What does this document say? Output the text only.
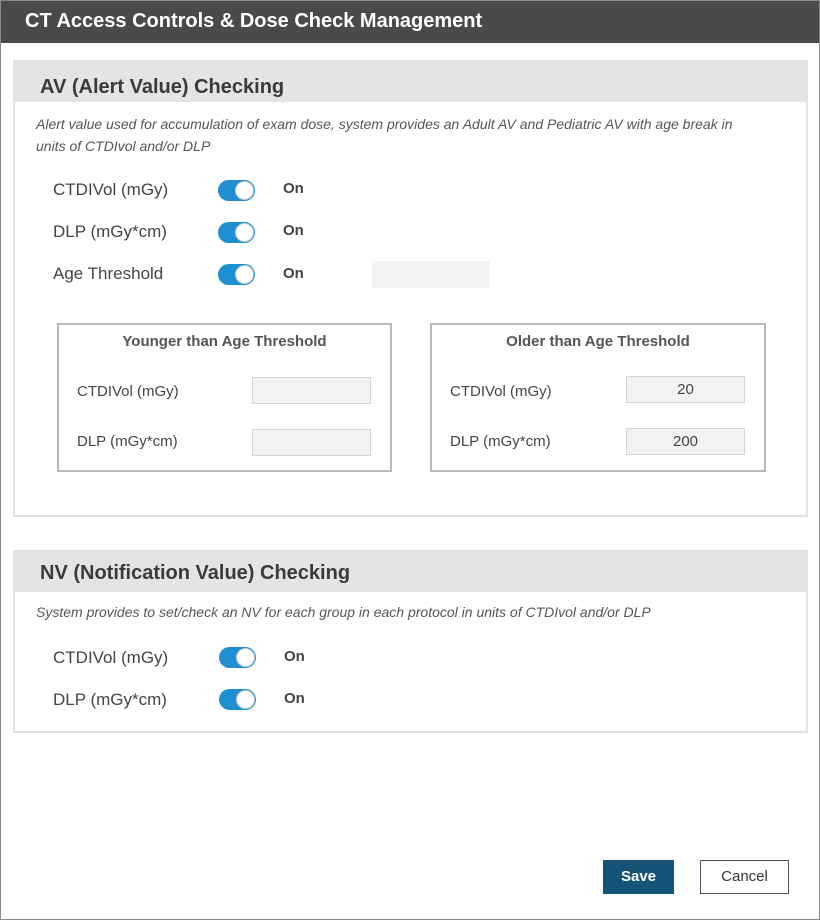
CT Access Controls & Dose Check Management
AV (Alert Value) Checking
Alert value used for accumulation of exam dose, system provides an Adult AV and Pediatric AV with age break in units of CTDIvol and/or DLP
CTDIVol (mGy)	On
DLP (mGy*cm)	On
Age Threshold	On
Younger than Age Threshold
CTDIVol (mGy)
DLP (mGy*cm)
Older than Age Threshold
CTDIVol (mGy)	20
DLP (mGy*cm)	200
NV (Notification Value) Checking
System provides to set/check an NV for each group in each protocol in units of CTDIvol and/or DLP
CTDIVol (mGy)	On
DLP (mGy*cm)	On
Save	Cancel
